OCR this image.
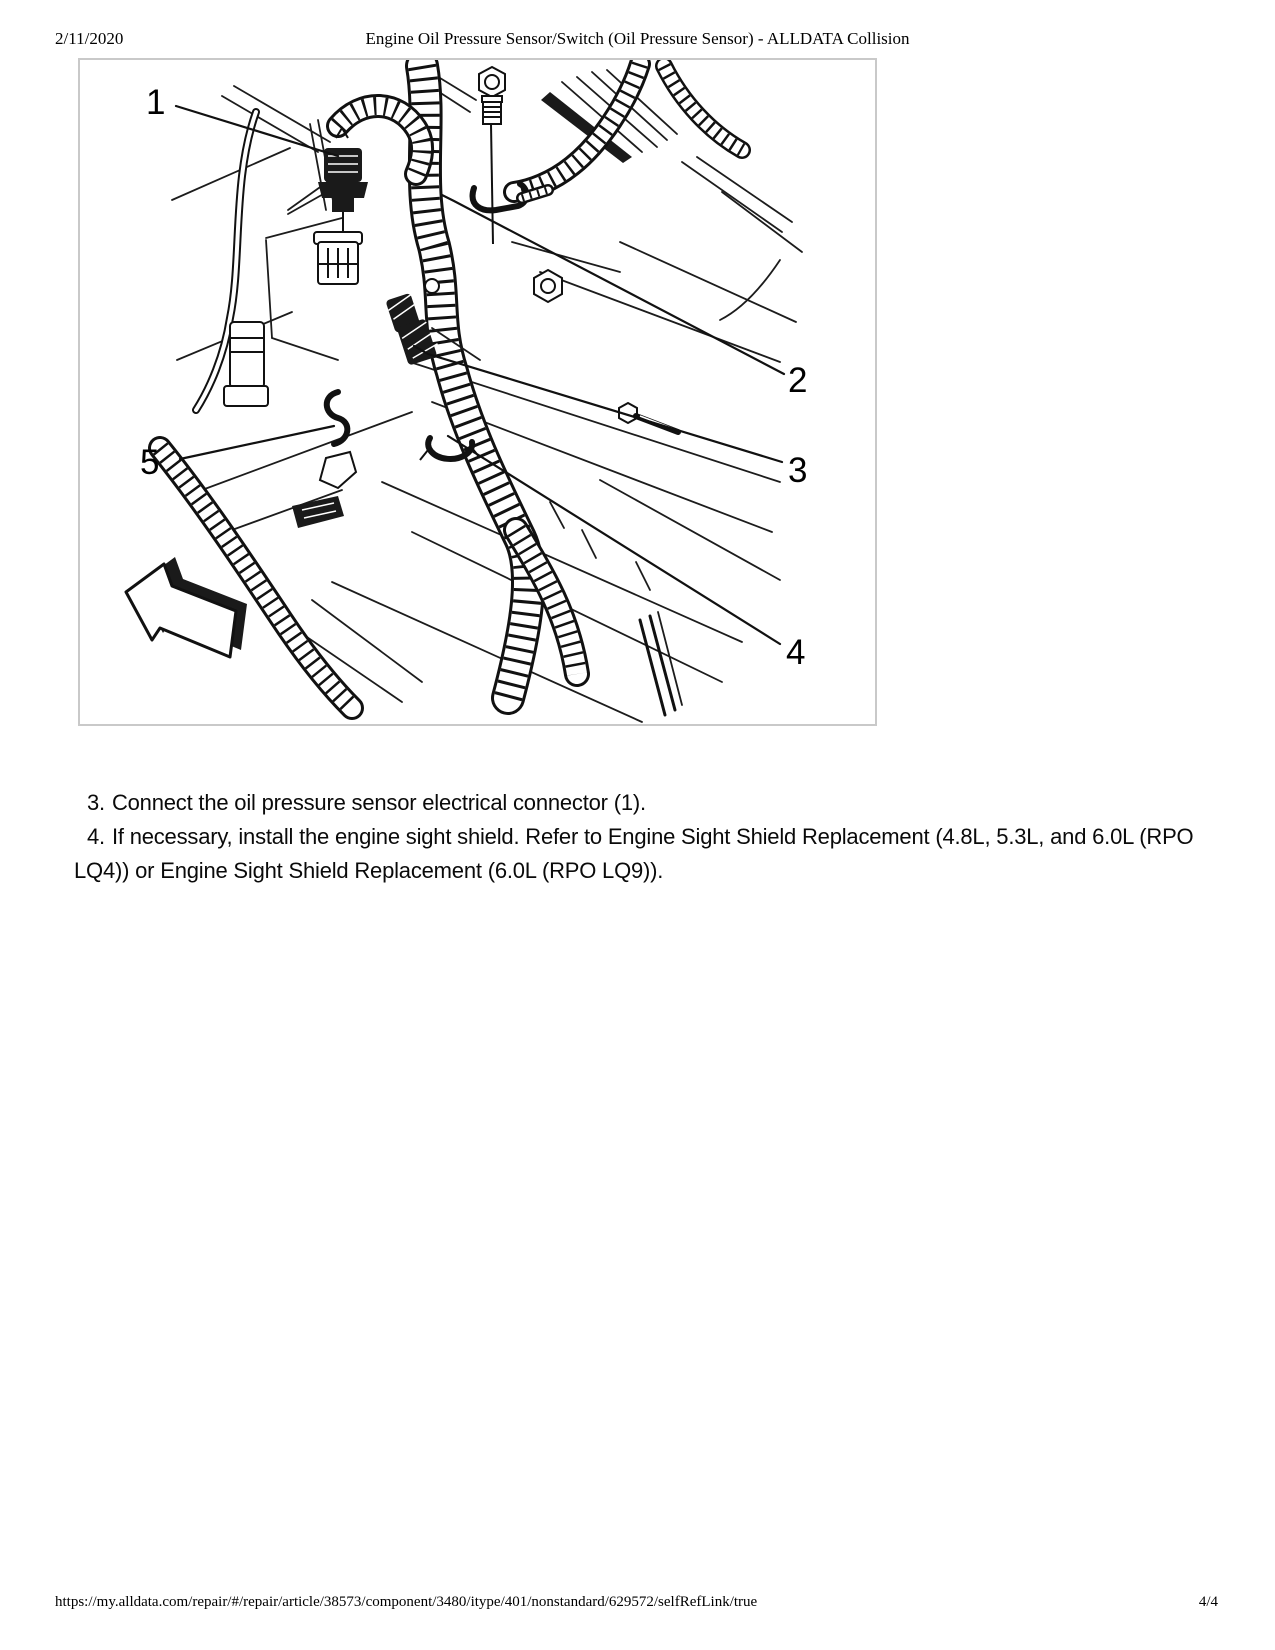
2/11/2020	Engine Oil Pressure Sensor/Switch (Oil Pressure Sensor) - ALLDATA Collision
1
2
3
4
5
3. Connect the oil pressure sensor electrical connector (1).
4. If necessary, install the engine sight shield. Refer to Engine Sight Shield Replacement (4.8L, 5.3L, and 6.0L (RPO LQ4)) or Engine Sight Shield Replacement (6.0L (RPO LQ9)).
https://my.alldata.com/repair/#/repair/article/38573/component/3480/itype/401/nonstandard/629572/selfRefLink/true	4/4
